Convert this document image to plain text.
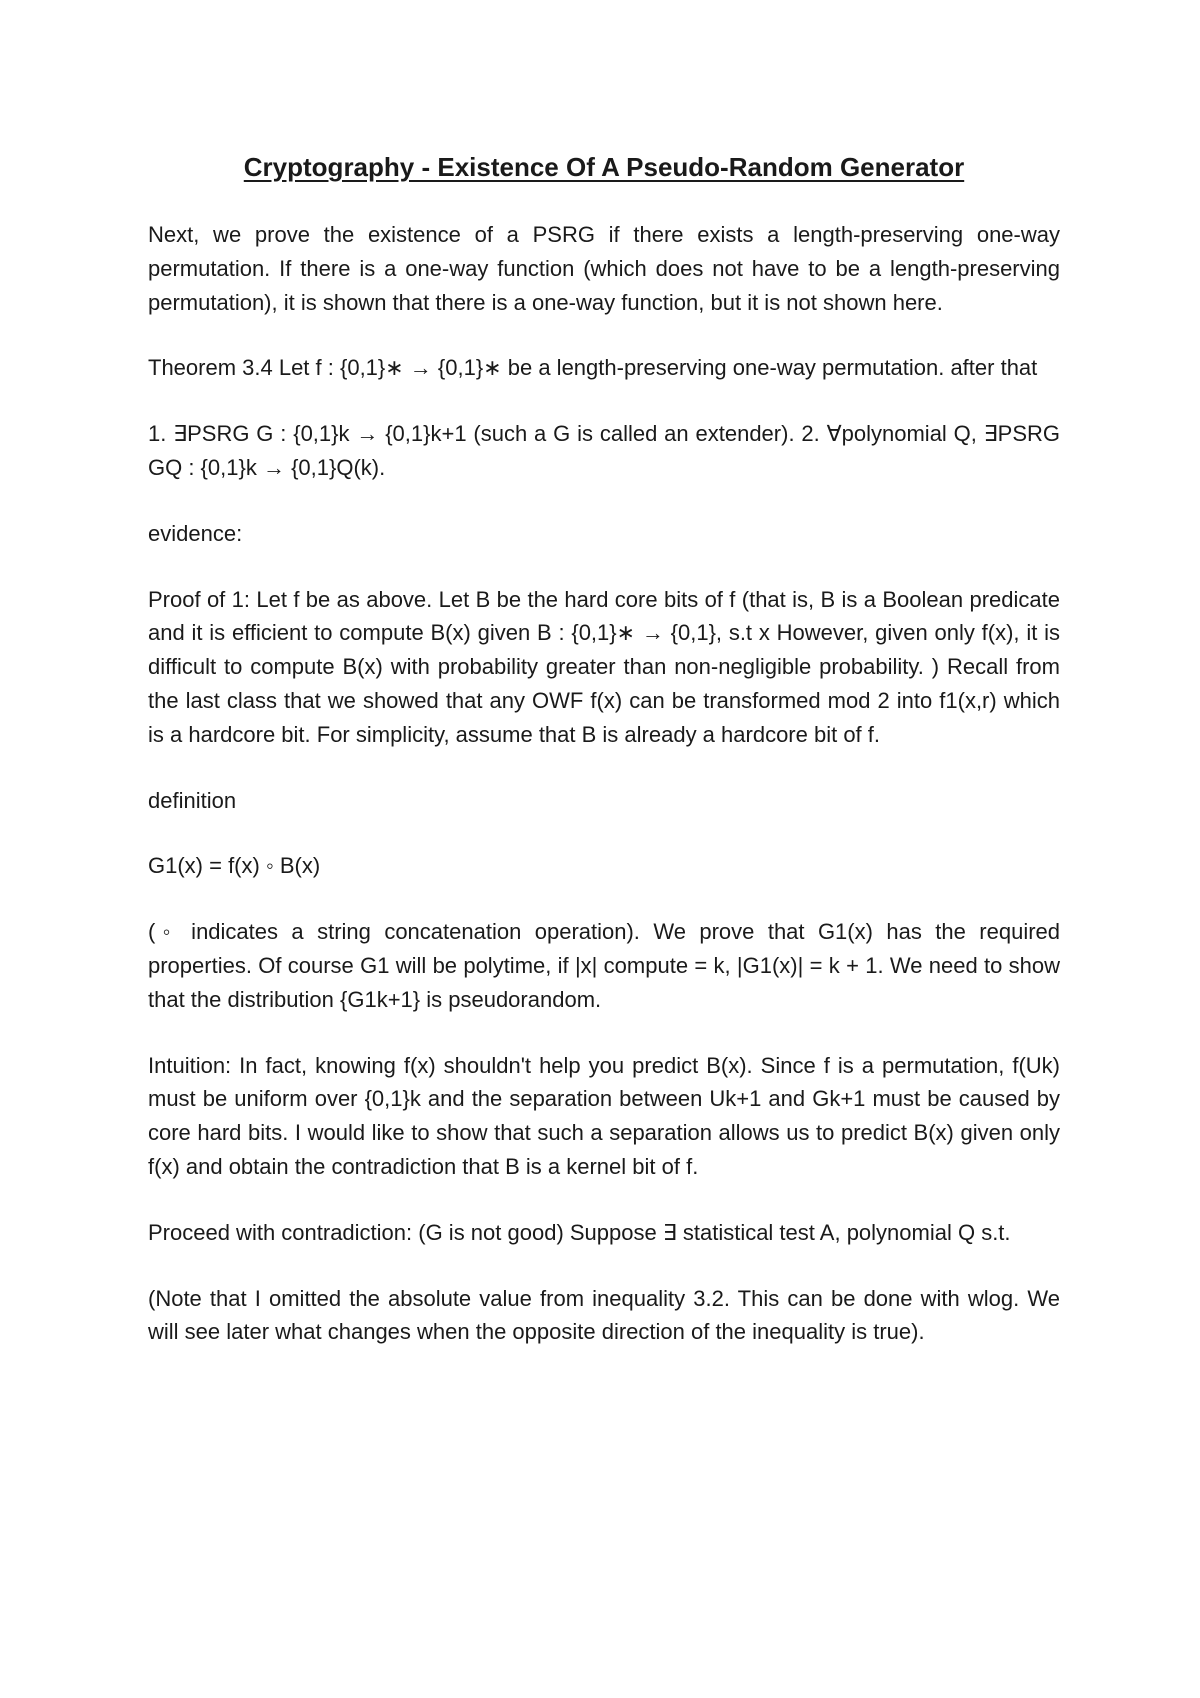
Cryptography - Existence Of A Pseudo-Random Generator

Next, we prove the existence of a PSRG if there exists a length-preserving one-way permutation. If there is a one-way function (which does not have to be a length-preserving permutation), it is shown that there is a one-way function, but it is not shown here.

Theorem 3.4 Let f : {0,1}∗ → {0,1}∗ be a length-preserving one-way permutation. after that

1. ∃PSRG G : {0,1}k → {0,1}k+1 (such a G is called an extender). 2. ∀polynomial Q, ∃PSRG GQ : {0,1}k → {0,1}Q(k).

evidence:

Proof of 1: Let f be as above. Let B be the hard core bits of f (that is, B is a Boolean predicate and it is efficient to compute B(x) given B : {0,1}∗ → {0,1}, s.t x However, given only f(x), it is difficult to compute B(x) with probability greater than non-negligible probability. ) Recall from the last class that we showed that any OWF f(x) can be transformed mod 2 into f1(x,r) which is a hardcore bit. For simplicity, assume that B is already a hardcore bit of f.

definition

G1(x) = f(x) ◦ B(x)

(◦ indicates a string concatenation operation). We prove that G1(x) has the required properties. Of course G1 will be polytime, if |x| compute = k, |G1(x)| = k + 1. We need to show that the distribution {G1k+1} is pseudorandom.

Intuition: In fact, knowing f(x) shouldn't help you predict B(x). Since f is a permutation, f(Uk) must be uniform over {0,1}k and the separation between Uk+1 and Gk+1 must be caused by core hard bits. I would like to show that such a separation allows us to predict B(x) given only f(x) and obtain the contradiction that B is a kernel bit of f.

Proceed with contradiction: (G is not good) Suppose ∃ statistical test A, polynomial Q s.t.

(Note that I omitted the absolute value from inequality 3.2. This can be done with wlog. We will see later what changes when the opposite direction of the inequality is true).
